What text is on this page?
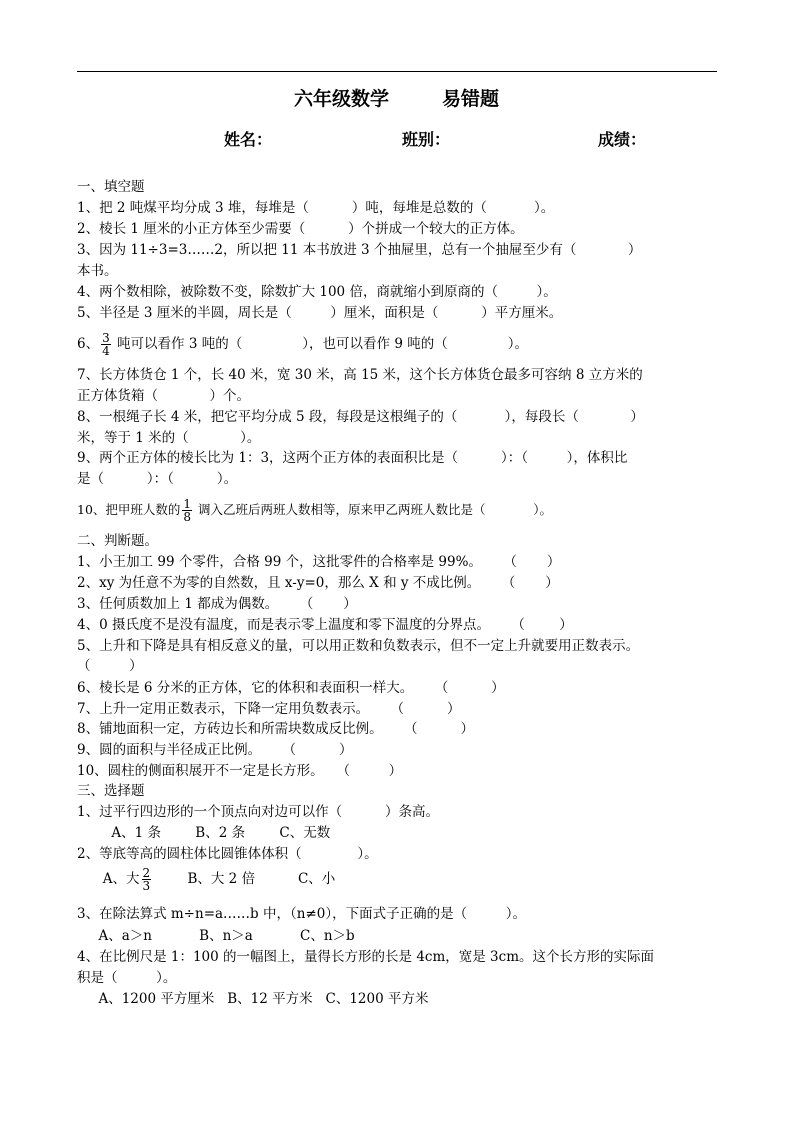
六年级数学        易错题
姓名：	班别：	成绩：
一、填空题
1、把 2 吨煤平均分成 3 堆，每堆是（          ）吨，每堆是总数的（           ）。
2、棱长 1 厘米的小正方体至少需要（          ）个拼成一个较大的正方体。
3、因为 11÷3=3……2，所以把 11 本书放进 3 个抽屉里，总有一个抽屉至少有（            ）
本书。
4、两个数相除，被除数不变，除数扩大 100 倍，商就缩小到原商的（         ）。
5、半径是 3 厘米的半圆，周长是（         ）厘米，面积是（          ）平方厘米。
6、 $\frac{3}{4}$ 吨可以看作 3 吨的（              ），也可以看作 9 吨的（              ）。
7、长方体货仓 1 个，长 40 米，宽 30 米，高 15 米，这个长方体货仓最多可容纳 8 立方米的
正方体货箱（            ）个。
8、一根绳子长 4 米，把它平均分成 5 段，每段是这根绳子的（           ），每段长（            ）
米，等于 1 米的（            ）。
9、两个正方体的棱长比为 1：3，这两个正方体的表面积比是（          ）：（         ），体积比
是（          ）：（          ）。
10、把甲班人数的 $\frac{1}{8}$ 调入乙班后两班人数相等，原来甲乙两班人数比是（            ）。
二、判断题。
1、小王加工 99 个零件，合格 99 个，这批零件的合格率是 99%。     （       ）
2、xy 为任意不为零的自然数，且 x-y=0，那么 X 和 y 不成比例。     （       ）
3、任何质数加上 1 都成为偶数。     （       ）
4、0 摄氏度不是没有温度，而是表示零上温度和零下温度的分界点。     （        ）
5、上升和下降是具有相反意义的量，可以用正数和负数表示，但不一定上升就要用正数表示。
（         ）
6、棱长是 6 分米的正方体，它的体积和表面积一样大。     （          ）
7、上升一定用正数表示，下降一定用负数表示。     （          ）
8、铺地面积一定，方砖边长和所需块数成反比例。     （          ）
9、圆的面积与半径成正比例。     （          ）
10、圆柱的侧面积展开不一定是长方形。   （         ）
三、选择题
1、过平行四边形的一个顶点向对边可以作（          ）条高。
A、1 条        B、2 条        C、无数
2、等底等高的圆柱体比圆锥体体积（             ）。
A、大 $\frac{2}{3}$ B、大 2 倍          C、小
3、在除法算式 m÷n=a……b 中，（n≠0），下面式子正确的是（         ）。
A、a＞n           B、n＞a           C、n＞b
4、在比例尺是 1：100 的一幅图上，量得长方形的长是 4cm，宽是 3cm。这个长方形的实际面
积是（         ）。
A、1200 平方厘米   B、12 平方米   C、1200 平方米
